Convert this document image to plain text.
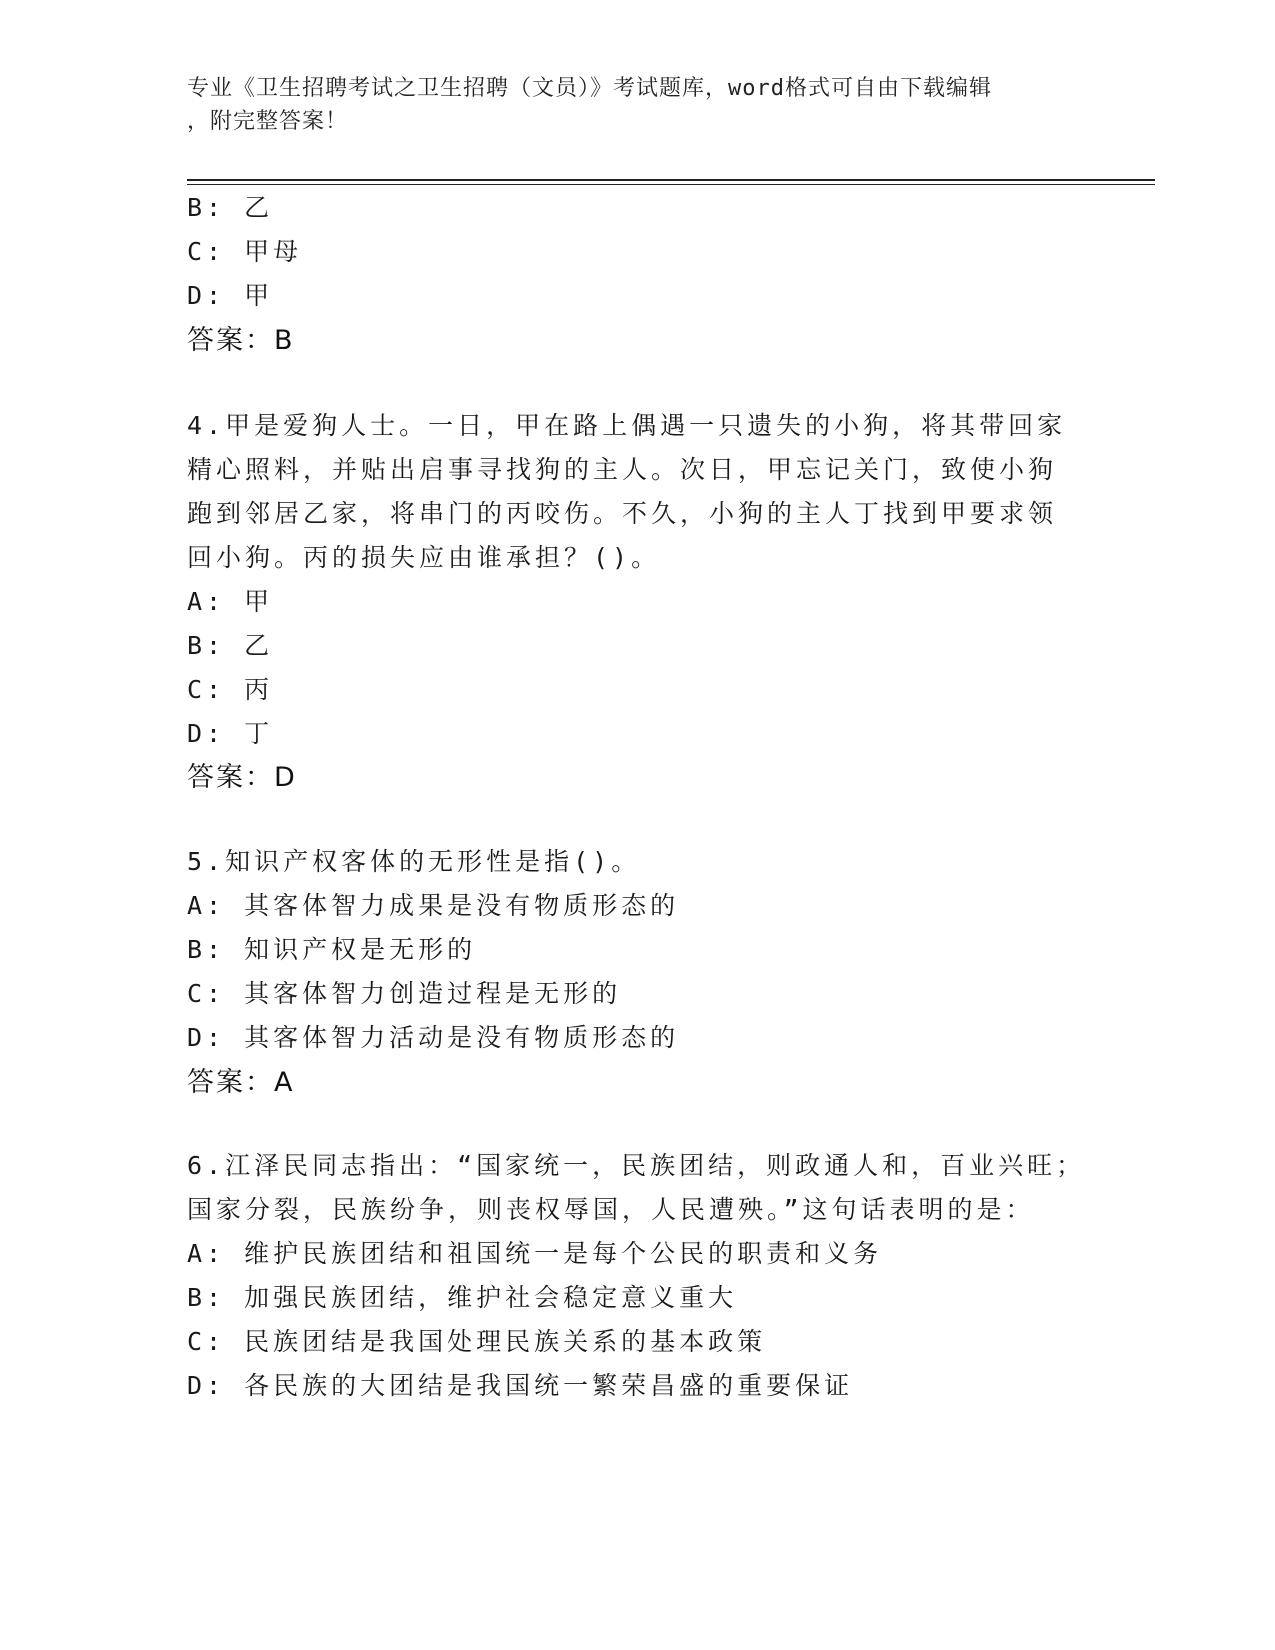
专业《卫生招聘考试之卫生招聘（文员）》考试题库，word格式可自由下载编辑
，附完整答案！
B: 乙
C: 甲母
D: 甲
答案：B
4.甲是爱狗人士。一日，甲在路上偶遇一只遗失的小狗，将其带回家
精心照料，并贴出启事寻找狗的主人。次日，甲忘记关门，致使小狗
跑到邻居乙家，将串门的丙咬伤。不久，小狗的主人丁找到甲要求领
回小狗。丙的损失应由谁承担？()。
A: 甲
B: 乙
C: 丙
D: 丁
答案：D
5.知识产权客体的无形性是指()。
A: 其客体智力成果是没有物质形态的
B: 知识产权是无形的
C: 其客体智力创造过程是无形的
D: 其客体智力活动是没有物质形态的
答案：A
6.江泽民同志指出：“国家统一，民族团结，则政通人和，百业兴旺；
国家分裂，民族纷争，则丧权辱国，人民遭殃。”这句话表明的是：
A: 维护民族团结和祖国统一是每个公民的职责和义务
B: 加强民族团结，维护社会稳定意义重大
C: 民族团结是我国处理民族关系的基本政策
D: 各民族的大团结是我国统一繁荣昌盛的重要保证
